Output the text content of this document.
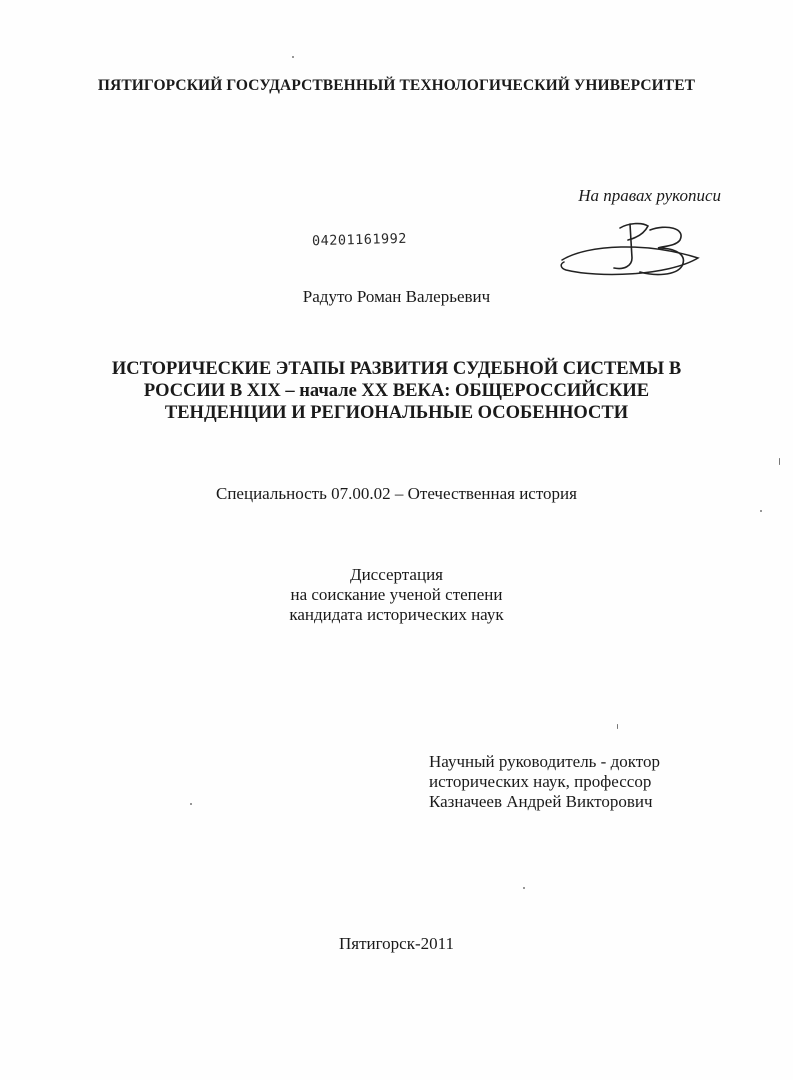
ПЯТИГОРСКИЙ ГОСУДАРСТВЕННЫЙ ТЕХНОЛОГИЧЕСКИЙ УНИВЕРСИТЕТ
На правах рукописи
04201161992
Радуто Роман Валерьевич
ИСТОРИЧЕСКИЕ ЭТАПЫ РАЗВИТИЯ СУДЕБНОЙ СИСТЕМЫ В
РОССИИ В XIX – начале XX ВЕКА: ОБЩЕРОССИЙСКИЕ
ТЕНДЕНЦИИ И РЕГИОНАЛЬНЫЕ ОСОБЕННОСТИ
Специальность 07.00.02 – Отечественная история
Диссертация
на соискание ученой степени
кандидата исторических наук
Научный руководитель - доктор
исторических наук, профессор
Казначеев Андрей Викторович
Пятигорск-2011
